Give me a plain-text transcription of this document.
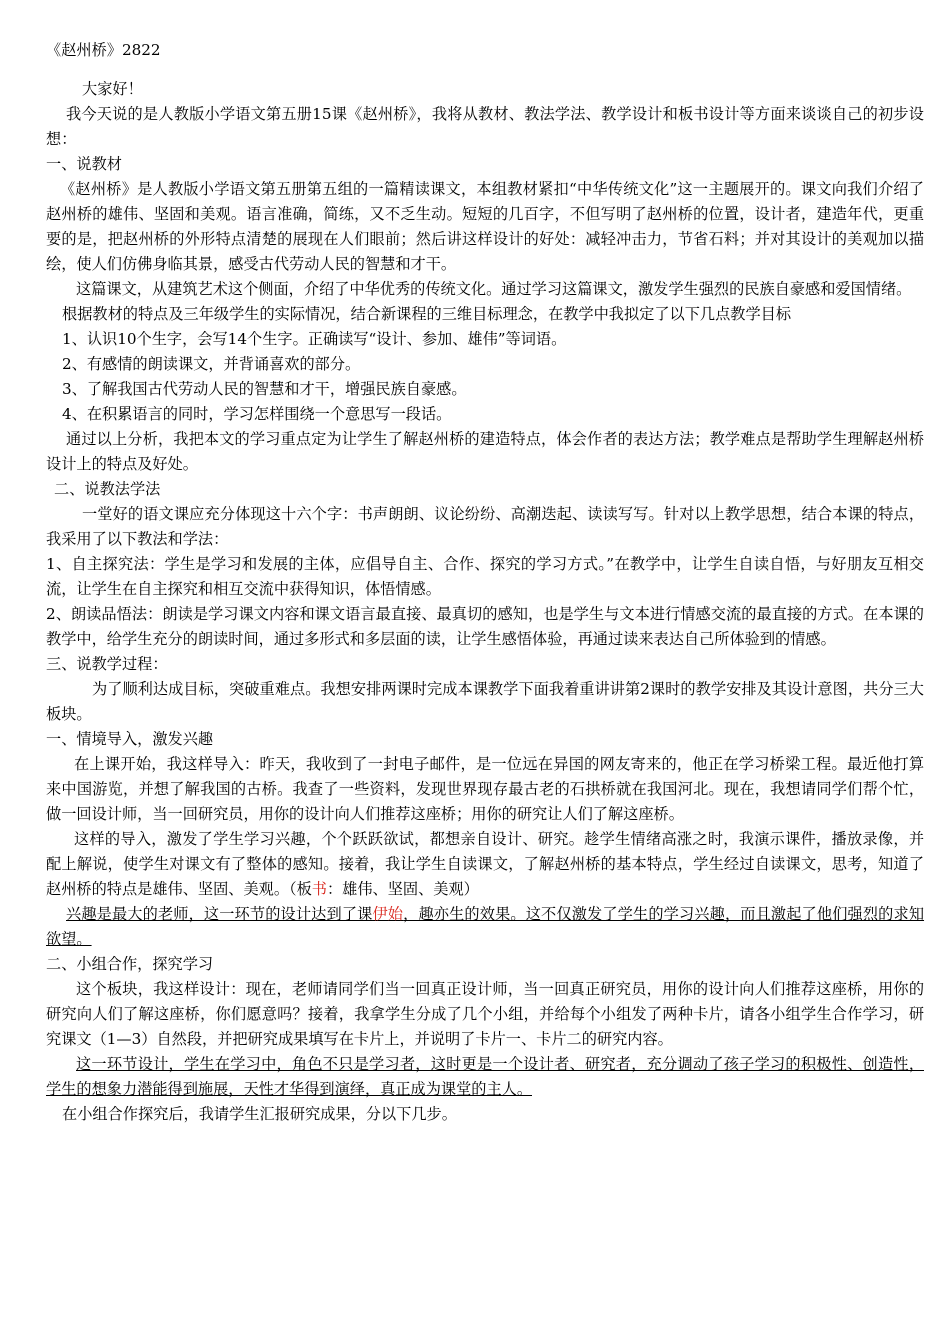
《赵州桥》2822

大家好！

我今天说的是人教版小学语文第五册15课《赵州桥》，我将从教材、教法学法、教学设计和板书设计等方面来谈谈自己的初步设想：

一、说教材

《赵州桥》是人教版小学语文第五册第五组的一篇精读课文，本组教材紧扣“中华传统文化”这一主题展开的。课文向我们介绍了赵州桥的雄伟、坚固和美观。语言准确，简练，又不乏生动。短短的几百字，不但写明了赵州桥的位置，设计者，建造年代，更重要的是，把赵州桥的外形特点清楚的展现在人们眼前；然后讲这样设计的好处：减轻冲击力，节省石料；并对其设计的美观加以描绘，使人们仿佛身临其景，感受古代劳动人民的智慧和才干。

这篇课文，从建筑艺术这个侧面，介绍了中华优秀的传统文化。通过学习这篇课文，激发学生强烈的民族自豪感和爱国情绪。

根据教材的特点及三年级学生的实际情况，结合新课程的三维目标理念，在教学中我拟定了以下几点教学目标

1、认识10个生字，会写14个生字。正确读写“设计、参加、雄伟”等词语。

2、有感情的朗读课文，并背诵喜欢的部分。

3、了解我国古代劳动人民的智慧和才干，增强民族自豪感。

4、在积累语言的同时，学习怎样围绕一个意思写一段话。

通过以上分析，我把本文的学习重点定为让学生了解赵州桥的建造特点，体会作者的表达方法；教学难点是帮助学生理解赵州桥设计上的特点及好处。

二、说教法学法

一堂好的语文课应充分体现这十六个字：书声朗朗、议论纷纷、高潮迭起、读读写写。针对以上教学思想，结合本课的特点，我采用了以下教法和学法：

1、自主探究法：学生是学习和发展的主体，应倡导自主、合作、探究的学习方式。”在教学中，让学生自读自悟，与好朋友互相交流，让学生在自主探究和相互交流中获得知识，体悟情感。

2、朗读品悟法：朗读是学习课文内容和课文语言最直接、最真切的感知，也是学生与文本进行情感交流的最直接的方式。在本课的教学中，给学生充分的朗读时间，通过多形式和多层面的读，让学生感悟体验，再通过读来表达自己所体验到的情感。

三、说教学过程：

为了顺利达成目标，突破重难点。我想安排两课时完成本课教学下面我着重讲讲第2课时的教学安排及其设计意图，共分三大板块。

一、情境导入，激发兴趣

在上课开始，我这样导入：昨天，我收到了一封电子邮件，是一位远在异国的网友寄来的，他正在学习桥梁工程。最近他打算来中国游览，并想了解我国的古桥。我查了一些资料，发现世界现存最古老的石拱桥就在我国河北。现在，我想请同学们帮个忙，做一回设计师，当一回研究员，用你的设计向人们推荐这座桥；用你的研究让人们了解这座桥。

这样的导入，激发了学生学习兴趣，个个跃跃欲试，都想亲自设计、研究。趁学生情绪高涨之时，我演示课件，播放录像，并配上解说，使学生对课文有了整体的感知。接着，我让学生自读课文，了解赵州桥的基本特点，学生经过自读课文，思考，知道了赵州桥的特点是雄伟、坚固、美观。（板书：雄伟、坚固、美观）

兴趣是最大的老师，这一环节的设计达到了课伊始，趣亦生的效果。这不仅激发了学生的学习兴趣，而且激起了他们强烈的求知欲望。

二、小组合作，探究学习

这个板块，我这样设计：现在，老师请同学们当一回真正设计师，当一回真正研究员，用你的设计向人们推荐这座桥，用你的研究向人们了解这座桥，你们愿意吗？接着，我拿学生分成了几个小组，并给每个小组发了两种卡片，请各小组学生合作学习，研究课文（1—3）自然段，并把研究成果填写在卡片上，并说明了卡片一、卡片二的研究内容。

这一环节设计，学生在学习中，角色不只是学习者，这时更是一个设计者、研究者，充分调动了孩子学习的积极性、创造性，学生的想象力潜能得到施展，天性才华得到演绎，真正成为课堂的主人。

在小组合作探究后，我请学生汇报研究成果，分以下几步。
